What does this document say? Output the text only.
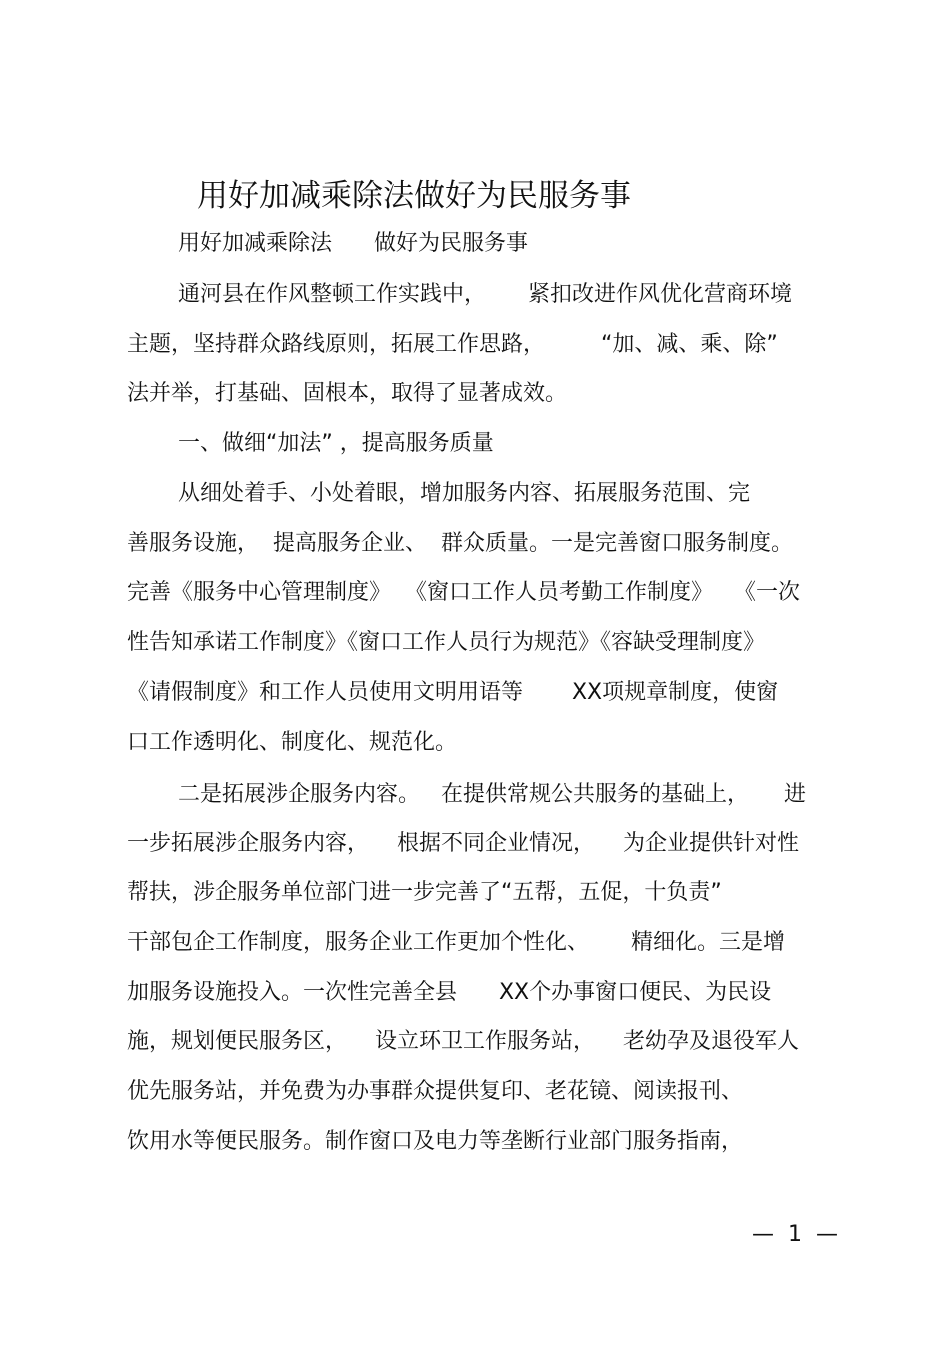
用好加减乘除法做好为民服务事

用好加减乘除法      做好为民服务事

通河县在作风整顿工作实践中，      紧扣改进作风优化营商环境

主题，坚持群众路线原则，拓展工作思路，        “加、减、乘、除”

法并举，打基础、固根本，取得了显著成效。

一、做细“加法” ，提高服务质量

从细处着手、小处着眼，增加服务内容、拓展服务范围、完

善服务设施，  提高服务企业、  群众质量。一是完善窗口服务制度。

完善《服务中心管理制度》  《窗口工作人员考勤工作制度》   《一次

性告知承诺工作制度》《窗口工作人员行为规范》《容缺受理制度》

《请假制度》和工作人员使用文明用语等       XX项规章制度，使窗

口工作透明化、制度化、规范化。

二是拓展涉企服务内容。   在提供常规公共服务的基础上，     进

一步拓展涉企服务内容，    根据不同企业情况，    为企业提供针对性

帮扶，涉企服务单位部门进一步完善了“五帮，五促，十负责”

干部包企工作制度，服务企业工作更加个性化、      精细化。三是增

加服务设施投入。一次性完善全县      XX个办事窗口便民、为民设

施，规划便民服务区，    设立环卫工作服务站，    老幼孕及退役军人

优先服务站，并免费为办事群众提供复印、老花镜、阅读报刊、

饮用水等便民服务。制作窗口及电力等垄断行业部门服务指南，

—  1  —
